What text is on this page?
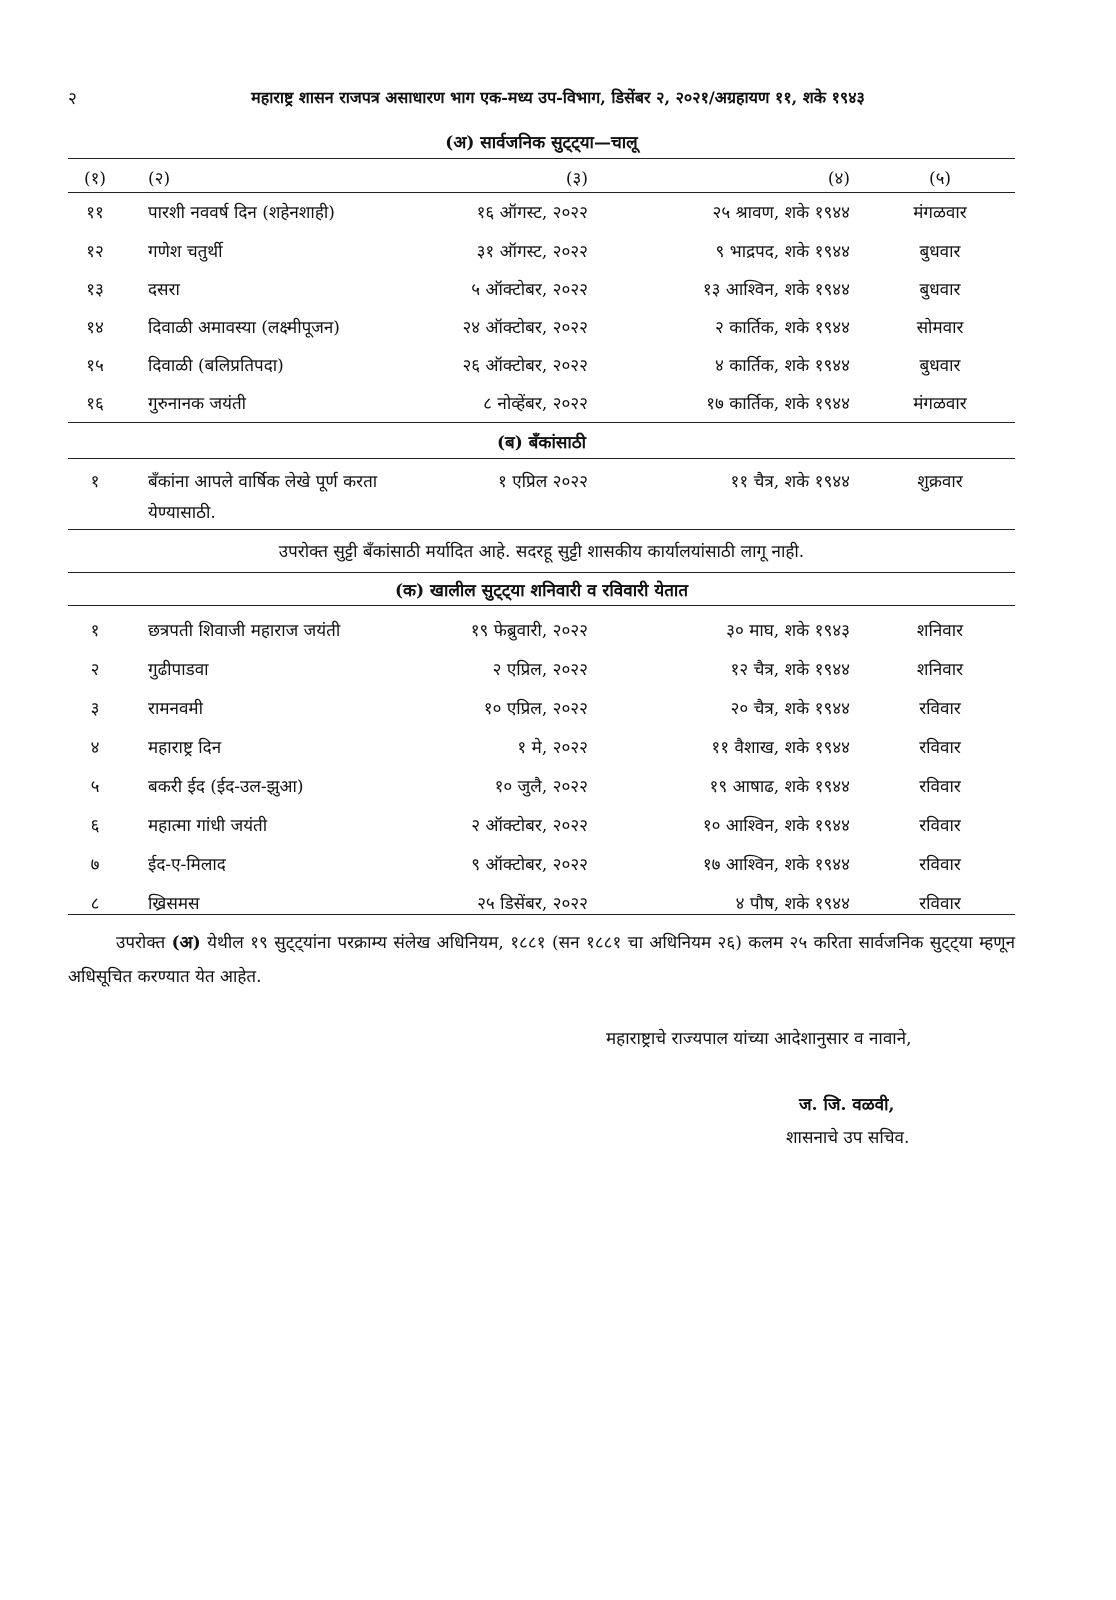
२	महाराष्ट्र शासन राजपत्र असाधारण भाग एक-मध्य उप-विभाग, डिसेंबर २, २०२१/अग्रहायण ११, शके १९४३
(अ) सार्वजनिक सुट्ट्या—चालू
(१)	(२)	(३)	(४)	(५)
११	पारशी नववर्ष दिन (शहेनशाही)	१६ ऑगस्ट, २०२२	२५ श्रावण, शके १९४४	मंगळवार
१२	गणेश चतुर्थी	३१ ऑगस्ट, २०२२	९ भाद्रपद, शके १९४४	बुधवार
१३	दसरा	५ ऑक्टोबर, २०२२	१३ आश्विन, शके १९४४	बुधवार
१४	दिवाळी अमावस्या (लक्ष्मीपूजन)	२४ ऑक्टोबर, २०२२	२ कार्तिक, शके १९४४	सोमवार
१५	दिवाळी (बलिप्रतिपदा)	२६ ऑक्टोबर, २०२२	४ कार्तिक, शके १९४४	बुधवार
१६	गुरुनानक जयंती	८ नोव्हेंबर, २०२२	१७ कार्तिक, शके १९४४	मंगळवार
(ब) बँकांसाठी
१	बँकांना आपले वार्षिक लेखे पूर्ण करता	१ एप्रिल २०२२	११ चैत्र, शके १९४४	शुक्रवार
येण्यासाठी.
उपरोक्त सुट्टी बँकांसाठी मर्यादित आहे. सदरहू सुट्टी शासकीय कार्यालयांसाठी लागू नाही.
(क) खालील सुट्ट्या शनिवारी व रविवारी येतात
१	छत्रपती शिवाजी महाराज जयंती	१९ फेब्रुवारी, २०२२	३० माघ, शके १९४३	शनिवार
२	गुढीपाडवा	२ एप्रिल, २०२२	१२ चैत्र, शके १९४४	शनिवार
३	रामनवमी	१० एप्रिल, २०२२	२० चैत्र, शके १९४४	रविवार
४	महाराष्ट्र दिन	१ मे, २०२२	११ वैशाख, शके १९४४	रविवार
५	बकरी ईद (ईद-उल-झुआ)	१० जुलै, २०२२	१९ आषाढ, शके १९४४	रविवार
६	महात्मा गांधी जयंती	२ ऑक्टोबर, २०२२	१० आश्विन, शके १९४४	रविवार
७	ईद-ए-मिलाद	९ ऑक्टोबर, २०२२	१७ आश्विन, शके १९४४	रविवार
८	ख्रिसमस	२५ डिसेंबर, २०२२	४ पौष, शके १९४४	रविवार
उपरोक्त (अ) येथील १९ सुट्ट्यांना परक्राम्य संलेख अधिनियम, १८८१ (सन १८८१ चा अधिनियम २६) कलम २५ करिता सार्वजनिक सुट्ट्या म्हणून अधिसूचित करण्यात येत आहेत.
महाराष्ट्राचे राज्यपाल यांच्या आदेशानुसार व नावाने,
ज. जि. वळवी,
शासनाचे उप सचिव.
